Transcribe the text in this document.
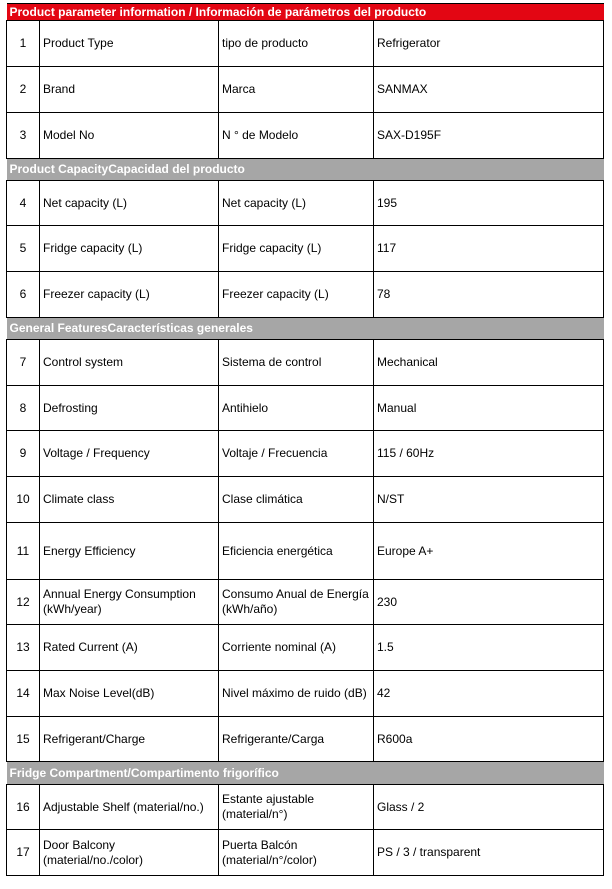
Product parameter information / Información de parámetros del producto			
1	Product Type	tipo de producto	Refrigerator
2	Brand	Marca	SANMAX
3	Model No	N ° de Modelo	SAX-D195F
Product CapacityCapacidad del producto			
4	Net capacity (L)	Net capacity (L)	195
5	Fridge capacity (L)	Fridge capacity (L)	117
6	Freezer capacity (L)	Freezer capacity (L)	78
General FeaturesCaracterísticas generales			
7	Control system	Sistema de control	Mechanical
8	Defrosting	Antihielo	Manual
9	Voltage / Frequency	Voltaje / Frecuencia	115 / 60Hz
10	Climate class	Clase climática	N/ST
11	Energy Efficiency	Eficiencia energética	Europe A+
12	Annual Energy Consumption (kWh/year)	Consumo Anual de Energía (kWh/año)	230
13	Rated Current (A)	Corriente nominal (A)	1.5
14	Max Noise Level(dB)	Nivel máximo de ruido (dB)	42
15	Refrigerant/Charge	Refrigerante/Carga	R600a
Fridge Compartment/Compartimento frigorífico			
16	Adjustable Shelf (material/no.)	Estante ajustable (material/n°)	Glass / 2
17	Door Balcony (material/no./color)	Puerta Balcón (material/n°/color)	PS / 3 / transparent
